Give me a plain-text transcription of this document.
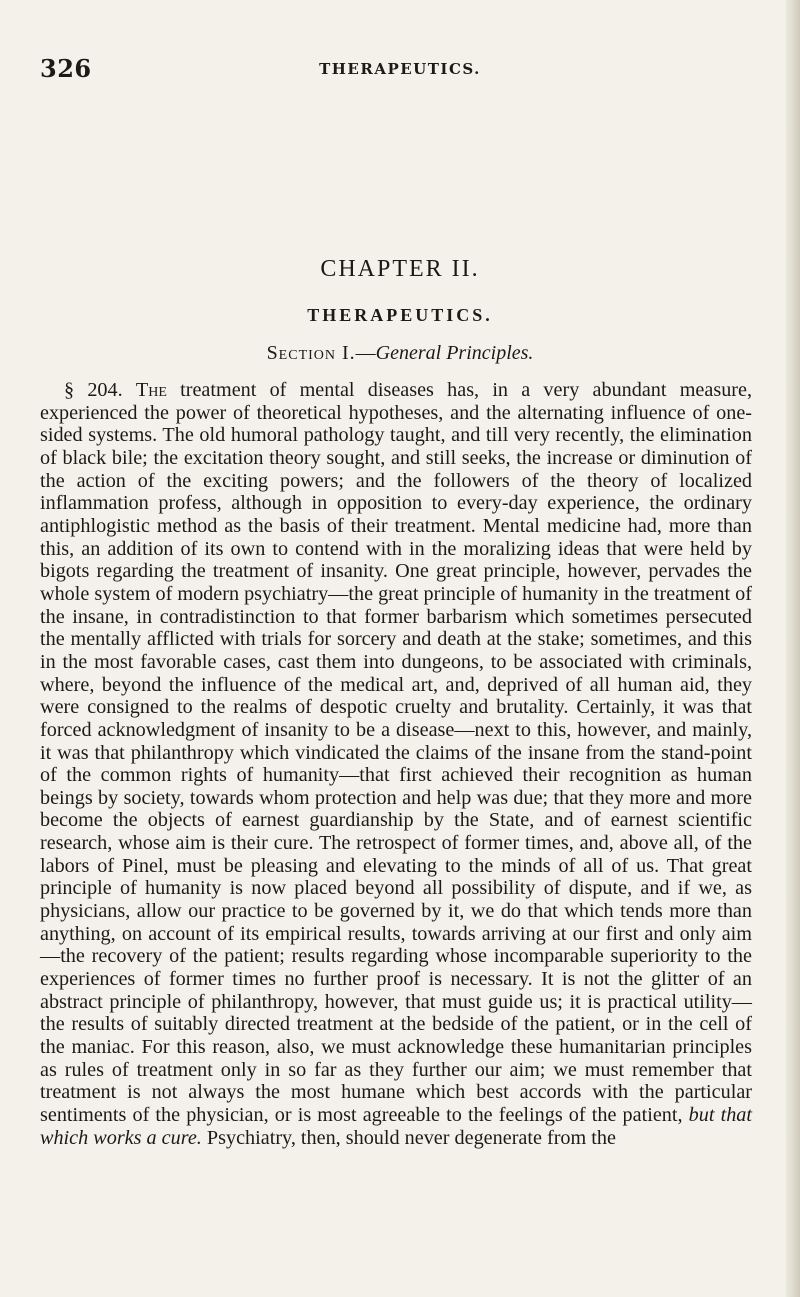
326	THERAPEUTICS.
CHAPTER II.
THERAPEUTICS.
Section I.—General Principles.

§ 204. The treatment of mental diseases has, in a very abundant measure, experienced the power of theoretical hypotheses, and the alternating influence of one-sided systems. The old humoral pathology taught, and till very recently, the elimination of black bile; the excitation theory sought, and still seeks, the increase or diminution of the action of the exciting powers; and the followers of the theory of localized inflammation profess, although in opposition to every-day experience, the ordinary antiphlogistic method as the basis of their treatment. Mental medicine had, more than this, an addition of its own to contend with in the moralizing ideas that were held by bigots regarding the treatment of insanity. One great principle, however, pervades the whole system of modern psychiatry—the great principle of humanity in the treatment of the insane, in contradistinction to that former barbarism which sometimes persecuted the mentally afflicted with trials for sorcery and death at the stake; sometimes, and this in the most favorable cases, cast them into dungeons, to be associated with criminals, where, beyond the influence of the medical art, and, deprived of all human aid, they were consigned to the realms of despotic cruelty and brutality. Certainly, it was that forced acknowledgment of insanity to be a disease—next to this, however, and mainly, it was that philanthropy which vindicated the claims of the insane from the stand-point of the common rights of humanity—that first achieved their recognition as human beings by society, towards whom protection and help was due; that they more and more become the objects of earnest guardianship by the State, and of earnest scientific research, whose aim is their cure. The retrospect of former times, and, above all, of the labors of Pinel, must be pleasing and elevating to the minds of all of us. That great principle of humanity is now placed beyond all possibility of dispute, and if we, as physicians, allow our practice to be governed by it, we do that which tends more than anything, on account of its empirical results, towards arriving at our first and only aim—the recovery of the patient; results regarding whose incomparable superiority to the experiences of former times no further proof is necessary. It is not the glitter of an abstract principle of philanthropy, however, that must guide us; it is practical utility—the results of suitably directed treatment at the bedside of the patient, or in the cell of the maniac. For this reason, also, we must acknowledge these humanitarian principles as rules of treatment only in so far as they further our aim; we must remember that treatment is not always the most humane which best accords with the particular sentiments of the physician, or is most agreeable to the feelings of the patient, but that which works a cure. Psychiatry, then, should never degenerate from the
